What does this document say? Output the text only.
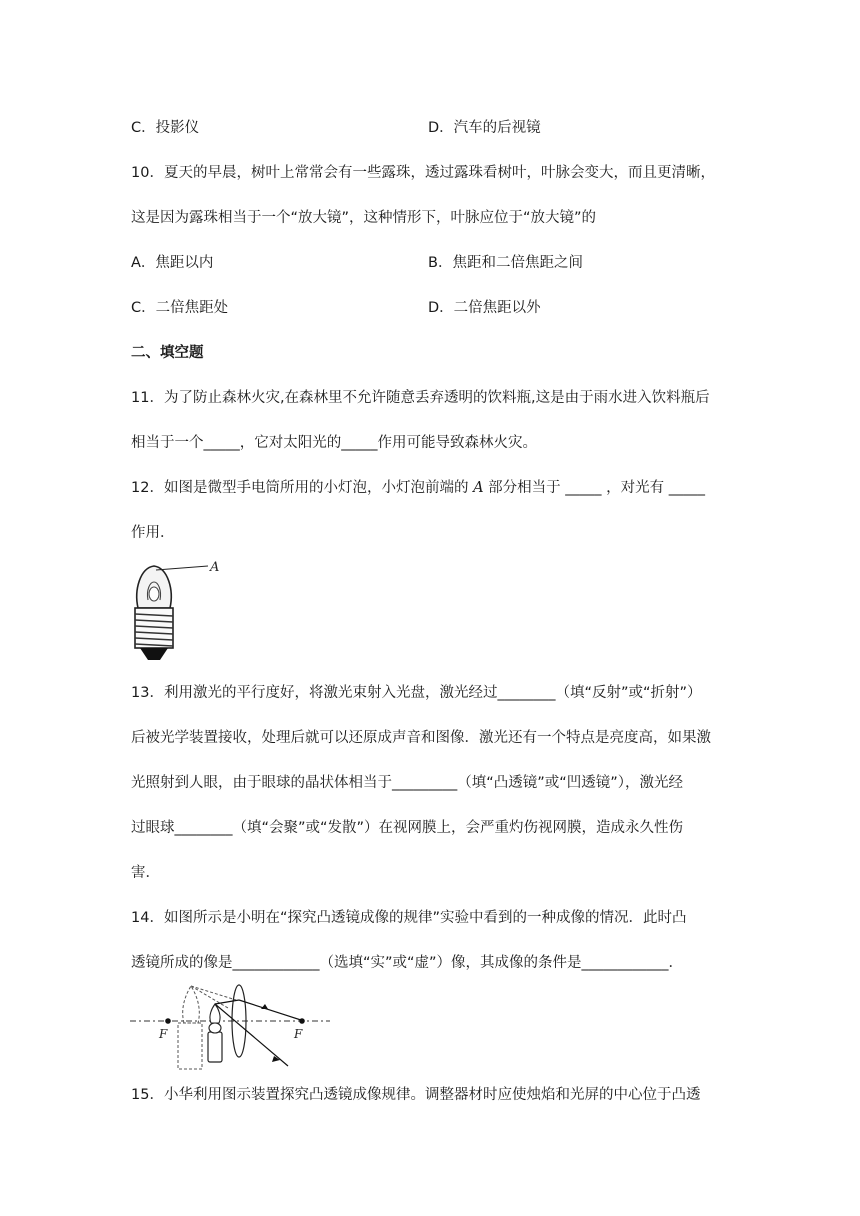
C．投影仪	D．汽车的后视镜
10．夏天的早晨，树叶上常常会有一些露珠，透过露珠看树叶，叶脉会变大，而且更清晰，
这是因为露珠相当于一个“放大镜”，这种情形下，叶脉应位于“放大镜”的
A．焦距以内	B．焦距和二倍焦距之间
C．二倍焦距处	D．二倍焦距以外
二、填空题
11．为了防止森林火灾,在森林里不允许随意丢弃透明的饮料瓶,这是由于雨水进入饮料瓶后
相当于一个_____，它对太阳光的_____作用可能导致森林火灾。
12．如图是微型手电筒所用的小灯泡，小灯泡前端的 A 部分相当于 _____ ，对光有 _____
作用．
A
13．利用激光的平行度好，将激光束射入光盘，激光经过________（填“反射”或“折射”）
后被光学装置接收，处理后就可以还原成声音和图像．激光还有一个特点是亮度高，如果激
光照射到人眼，由于眼球的晶状体相当于_________（填“凸透镜”或“凹透镜”），激光经
过眼球________（填“会聚”或“发散”）在视网膜上，会严重灼伤视网膜，造成永久性伤
害．
14．如图所示是小明在“探究凸透镜成像的规律”实验中看到的一种成像的情况．此时凸
透镜所成的像是____________（选填“实”或“虚”）像，其成像的条件是____________．
F	F
15．小华利用图示装置探究凸透镜成像规律。调整器材时应使烛焰和光屏的中心位于凸透
